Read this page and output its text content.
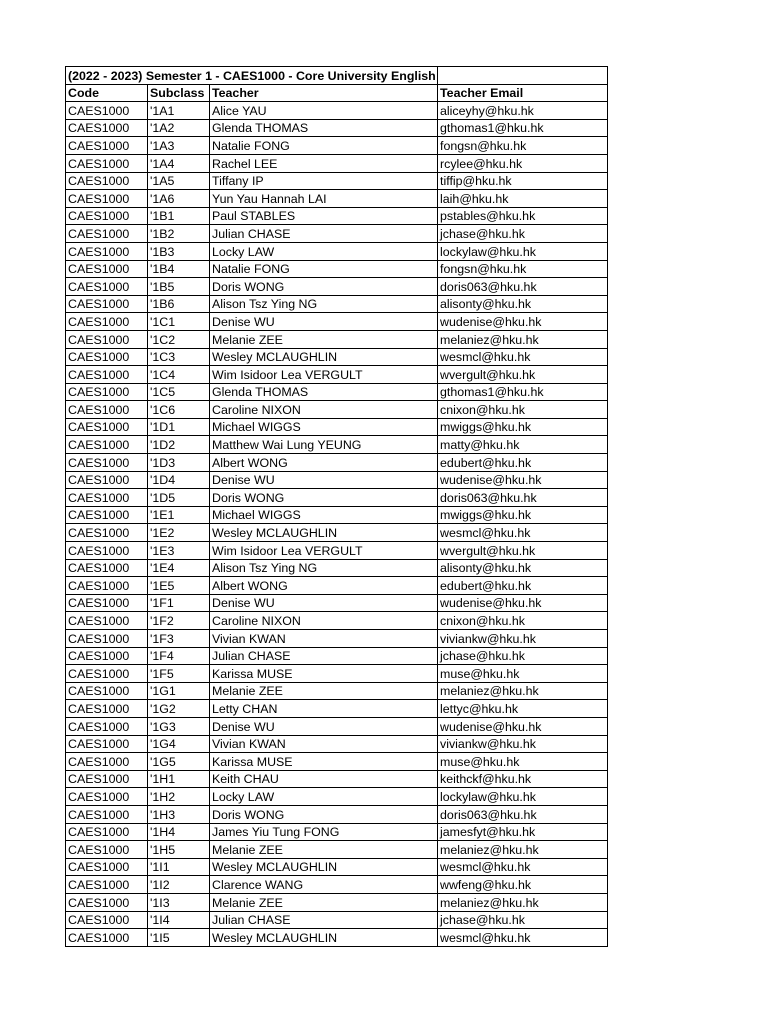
(2022 - 2023) Semester 1 - CAES1000 - Core University English			
Code	Subclass	Teacher	Teacher Email
CAES1000	'1A1	Alice YAU	aliceyhy@hku.hk
CAES1000	'1A2	Glenda THOMAS	gthomas1@hku.hk
CAES1000	'1A3	Natalie FONG	fongsn@hku.hk
CAES1000	'1A4	Rachel LEE	rcylee@hku.hk
CAES1000	'1A5	Tiffany IP	tiffip@hku.hk
CAES1000	'1A6	Yun Yau Hannah LAI	laih@hku.hk
CAES1000	'1B1	Paul STABLES	pstables@hku.hk
CAES1000	'1B2	Julian CHASE	jchase@hku.hk
CAES1000	'1B3	Locky LAW	lockylaw@hku.hk
CAES1000	'1B4	Natalie FONG	fongsn@hku.hk
CAES1000	'1B5	Doris WONG	doris063@hku.hk
CAES1000	'1B6	Alison Tsz Ying NG	alisonty@hku.hk
CAES1000	'1C1	Denise WU	wudenise@hku.hk
CAES1000	'1C2	Melanie ZEE	melaniez@hku.hk
CAES1000	'1C3	Wesley MCLAUGHLIN	wesmcl@hku.hk
CAES1000	'1C4	Wim Isidoor Lea VERGULT	wvergult@hku.hk
CAES1000	'1C5	Glenda THOMAS	gthomas1@hku.hk
CAES1000	'1C6	Caroline NIXON	cnixon@hku.hk
CAES1000	'1D1	Michael WIGGS	mwiggs@hku.hk
CAES1000	'1D2	Matthew Wai Lung YEUNG	matty@hku.hk
CAES1000	'1D3	Albert WONG	edubert@hku.hk
CAES1000	'1D4	Denise WU	wudenise@hku.hk
CAES1000	'1D5	Doris WONG	doris063@hku.hk
CAES1000	'1E1	Michael WIGGS	mwiggs@hku.hk
CAES1000	'1E2	Wesley MCLAUGHLIN	wesmcl@hku.hk
CAES1000	'1E3	Wim Isidoor Lea VERGULT	wvergult@hku.hk
CAES1000	'1E4	Alison Tsz Ying NG	alisonty@hku.hk
CAES1000	'1E5	Albert WONG	edubert@hku.hk
CAES1000	'1F1	Denise WU	wudenise@hku.hk
CAES1000	'1F2	Caroline NIXON	cnixon@hku.hk
CAES1000	'1F3	Vivian KWAN	viviankw@hku.hk
CAES1000	'1F4	Julian CHASE	jchase@hku.hk
CAES1000	'1F5	Karissa MUSE	muse@hku.hk
CAES1000	'1G1	Melanie ZEE	melaniez@hku.hk
CAES1000	'1G2	Letty CHAN	lettyc@hku.hk
CAES1000	'1G3	Denise WU	wudenise@hku.hk
CAES1000	'1G4	Vivian KWAN	viviankw@hku.hk
CAES1000	'1G5	Karissa MUSE	muse@hku.hk
CAES1000	'1H1	Keith CHAU	keithckf@hku.hk
CAES1000	'1H2	Locky LAW	lockylaw@hku.hk
CAES1000	'1H3	Doris WONG	doris063@hku.hk
CAES1000	'1H4	James Yiu Tung FONG	jamesfyt@hku.hk
CAES1000	'1H5	Melanie ZEE	melaniez@hku.hk
CAES1000	'1I1	Wesley MCLAUGHLIN	wesmcl@hku.hk
CAES1000	'1I2	Clarence WANG	wwfeng@hku.hk
CAES1000	'1I3	Melanie ZEE	melaniez@hku.hk
CAES1000	'1I4	Julian CHASE	jchase@hku.hk
CAES1000	'1I5	Wesley MCLAUGHLIN	wesmcl@hku.hk
